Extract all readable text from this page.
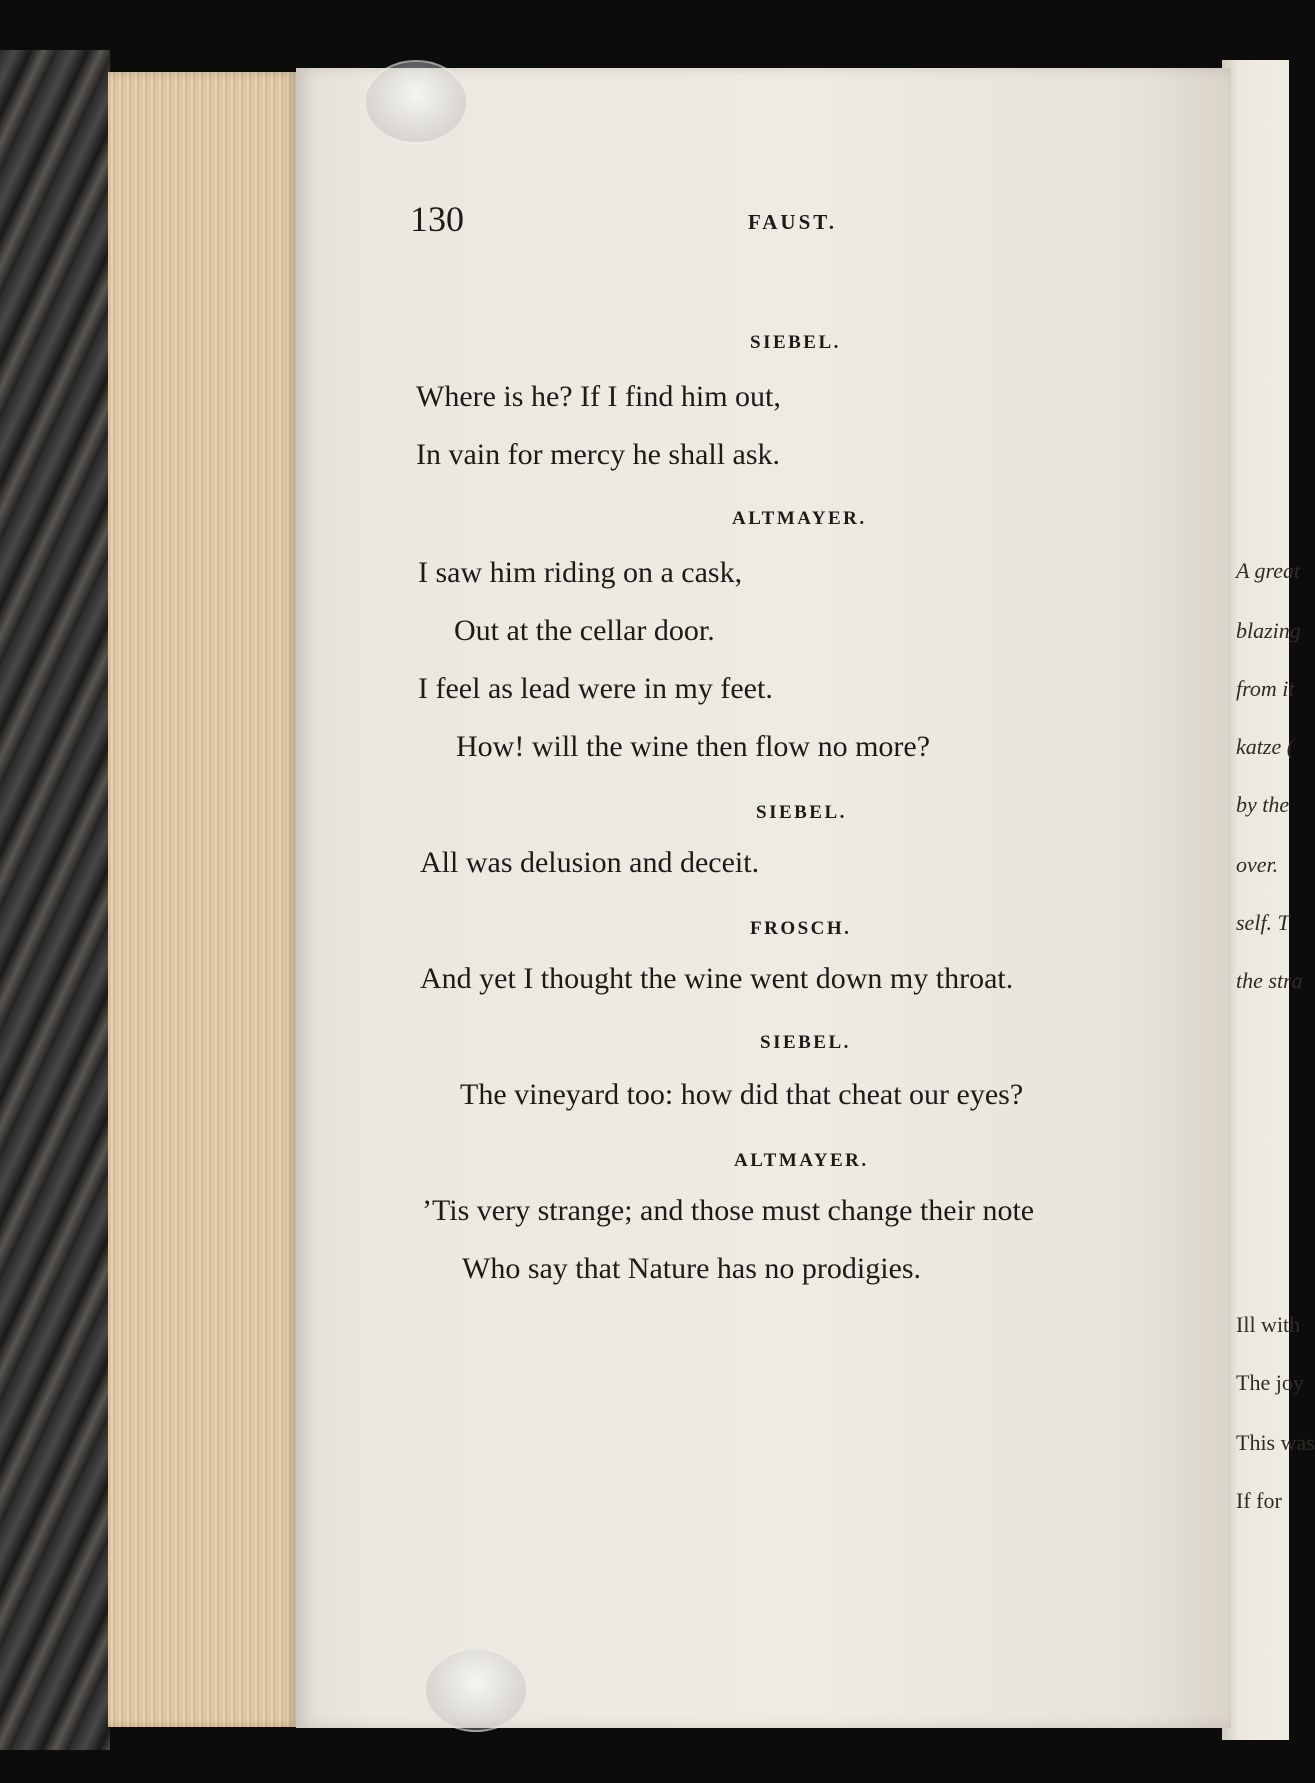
A great
blazing
from it
katze (
by the
over.
self. T
the stra
Ill with
The joy
This was
If for
130	FAUST.
SIEBEL.
Where is he? If I find him out,
In vain for mercy he shall ask.
ALTMAYER.
I saw him riding on a cask,
Out at the cellar door.
I feel as lead were in my feet.
How! will the wine then flow no more?
SIEBEL.
All was delusion and deceit.
FROSCH.
And yet I thought the wine went down my throat.
SIEBEL.
The vineyard too: how did that cheat our eyes?
ALTMAYER.
’Tis very strange; and those must change their note
Who say that Nature has no prodigies.
